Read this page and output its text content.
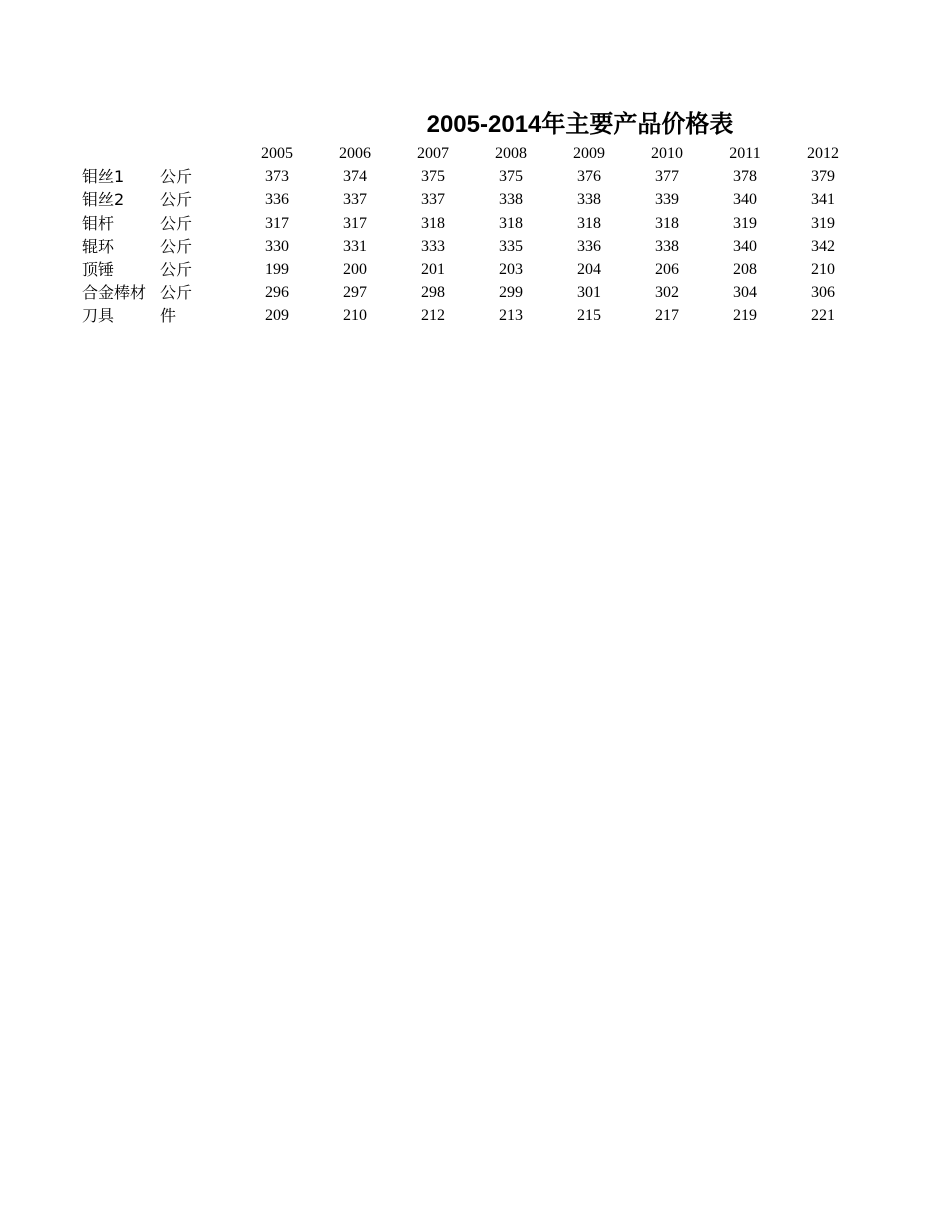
2005-2014年主要产品价格表
		2005	2006	2007	2008	2009	2010	2011	2012
钼丝1	公斤	373	374	375	375	376	377	378	379
钼丝2	公斤	336	337	337	338	338	339	340	341
钼杆	公斤	317	317	318	318	318	318	319	319
辊环	公斤	330	331	333	335	336	338	340	342
顶锤	公斤	199	200	201	203	204	206	208	210
合金棒材	公斤	296	297	298	299	301	302	304	306
刀具	件	209	210	212	213	215	217	219	221
